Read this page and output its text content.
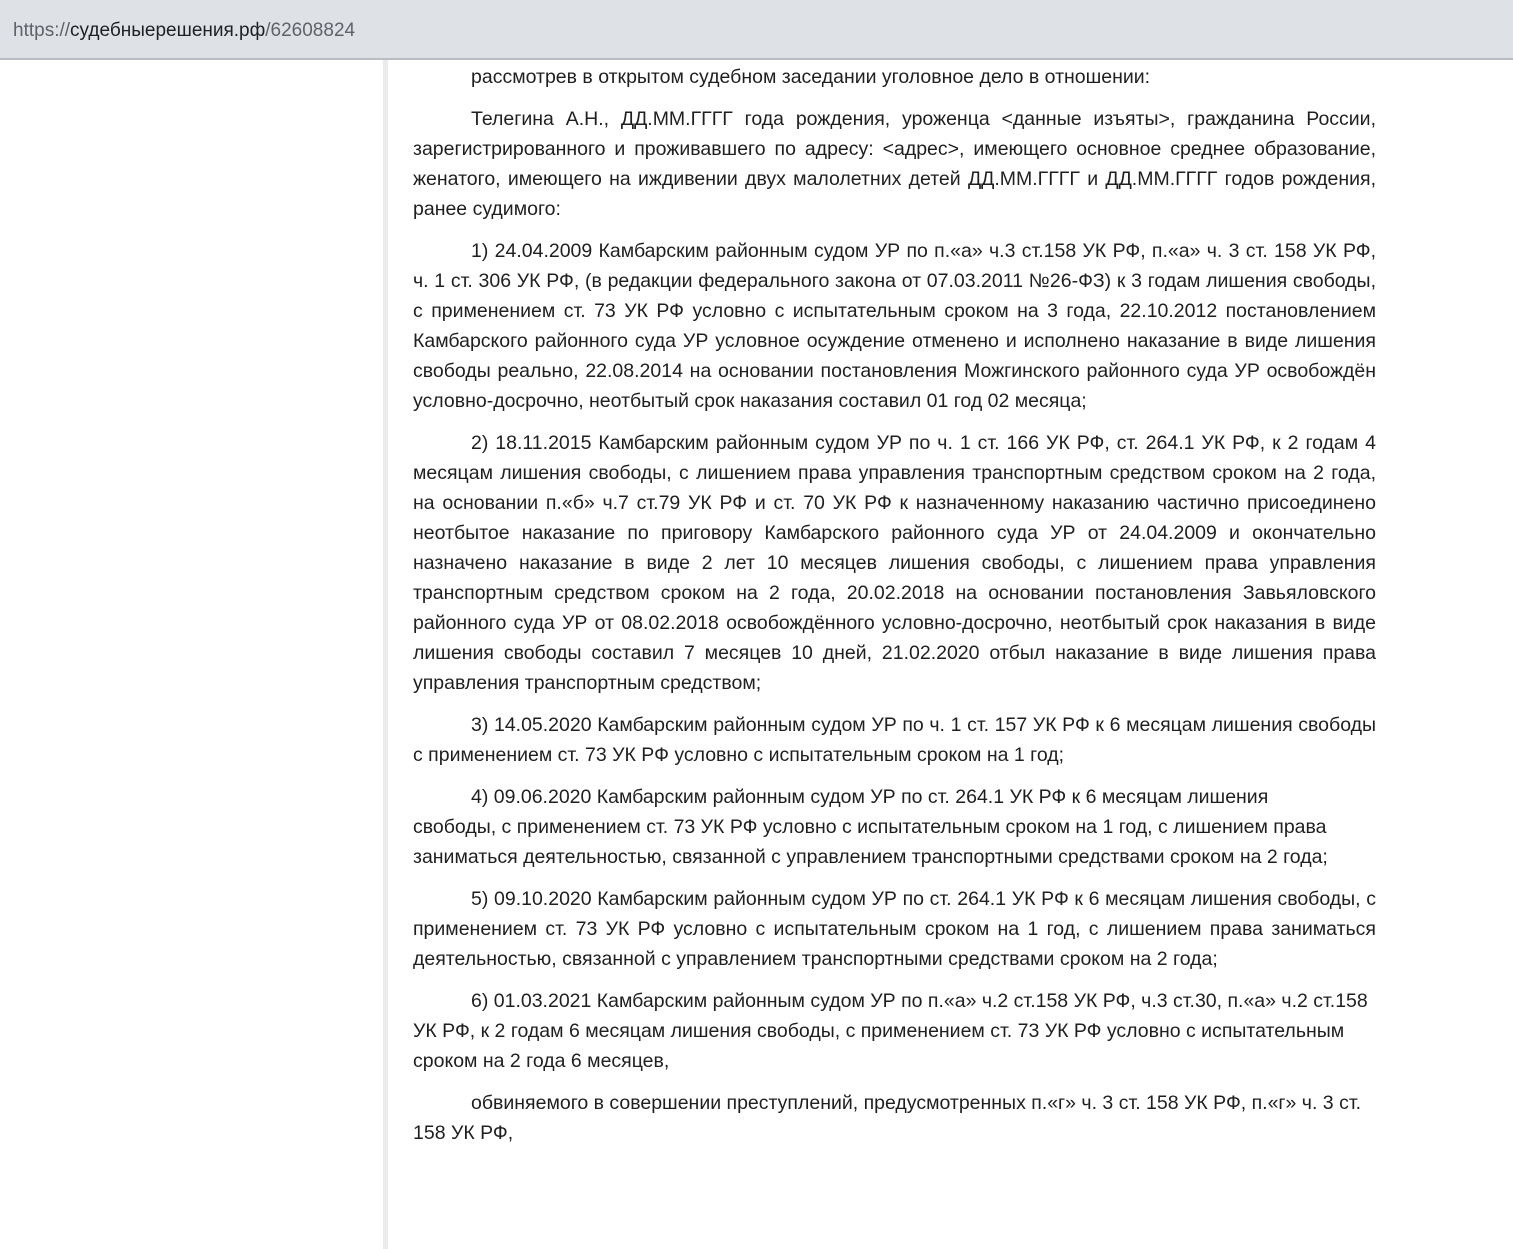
https://судебныерешения.рф/62608824

рассмотрев в открытом судебном заседании уголовное дело в отношении:

Телегина А.Н., ДД.ММ.ГГГГ года рождения, уроженца <данные изъяты>, гражданина России, зарегистрированного и проживавшего по адресу: <адрес>, имеющего основное среднее образование, женатого, имеющего на иждивении двух малолетних детей ДД.ММ.ГГГГ и ДД.ММ.ГГГГ годов рождения, ранее судимого:

1) 24.04.2009 Камбарским районным судом УР по п.«а» ч.3 ст.158 УК РФ, п.«а» ч. 3 ст. 158 УК РФ, ч. 1 ст. 306 УК РФ, (в редакции федерального закона от 07.03.2011 №26-ФЗ) к 3 годам лишения свободы, с применением ст. 73 УК РФ условно с испытательным сроком на 3 года, 22.10.2012 постановлением Камбарского районного суда УР условное осуждение отменено и исполнено наказание в виде лишения свободы реально, 22.08.2014 на основании постановления Можгинского районного суда УР освобождён условно-досрочно, неотбытый срок наказания составил 01 год 02 месяца;

2) 18.11.2015 Камбарским районным судом УР по ч. 1 ст. 166 УК РФ, ст. 264.1 УК РФ, к 2 годам 4 месяцам лишения свободы, с лишением права управления транспортным средством сроком на 2 года, на основании п.«б» ч.7 ст.79 УК РФ и ст. 70 УК РФ к назначенному наказанию частично присоединено неотбытое наказание по приговору Камбарского районного суда УР от 24.04.2009 и окончательно назначено наказание в виде 2 лет 10 месяцев лишения свободы, с лишением права управления транспортным средством сроком на 2 года, 20.02.2018 на основании постановления Завьяловского районного суда УР от 08.02.2018 освобождённого условно-досрочно, неотбытый срок наказания в виде лишения свободы составил 7 месяцев 10 дней, 21.02.2020 отбыл наказание в виде лишения права управления транспортным средством;

3) 14.05.2020 Камбарским районным судом УР по ч. 1 ст. 157 УК РФ к 6 месяцам лишения свободы с применением ст. 73 УК РФ условно с испытательным сроком на 1 год;

4) 09.06.2020 Камбарским районным судом УР по ст. 264.1 УК РФ к 6 месяцам лишения свободы, с применением ст. 73 УК РФ условно с испытательным сроком на 1 год, с лишением права заниматься деятельностью, связанной с управлением транспортными средствами сроком на 2 года;

5) 09.10.2020 Камбарским районным судом УР по ст. 264.1 УК РФ к 6 месяцам лишения свободы, с применением ст. 73 УК РФ условно с испытательным сроком на 1 год, с лишением права заниматься деятельностью, связанной с управлением транспортными средствами сроком на 2 года;

6) 01.03.2021 Камбарским районным судом УР по п.«а» ч.2 ст.158 УК РФ, ч.3 ст.30, п.«а» ч.2 ст.158 УК РФ, к 2 годам 6 месяцам лишения свободы, с применением ст. 73 УК РФ условно с испытательным сроком на 2 года 6 месяцев,

обвиняемого в совершении преступлений, предусмотренных п.«г» ч. 3 ст. 158 УК РФ, п.«г» ч. 3 ст. 158 УК РФ,
